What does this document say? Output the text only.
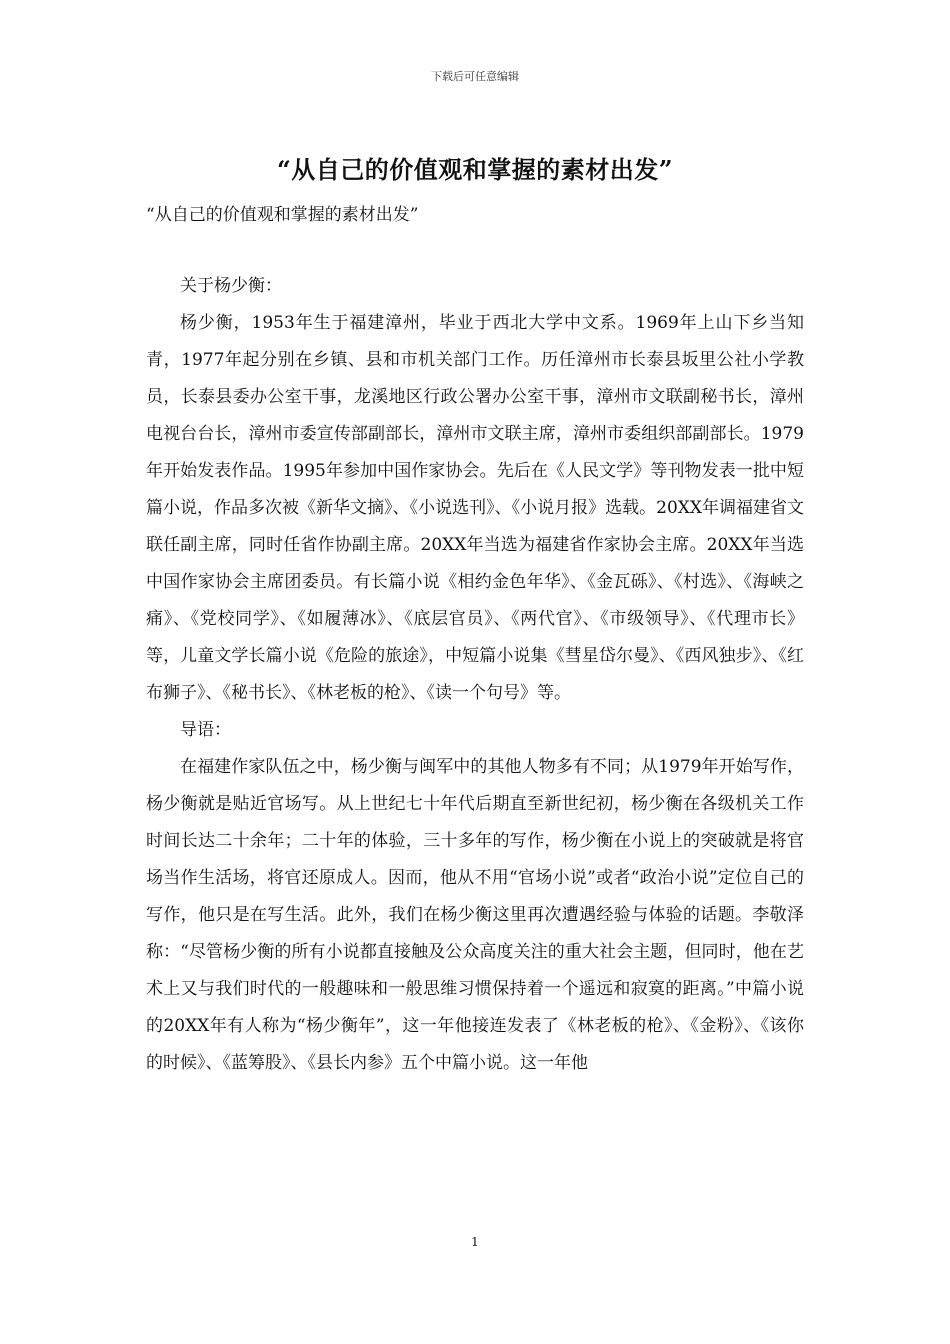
下载后可任意编辑
“从自己的价值观和掌握的素材出发”
“从自己的价值观和掌握的素材出发”

关于杨少衡：

杨少衡，1953年生于福建漳州，毕业于西北大学中文系。1969年上山下乡当知青，1977年起分别在乡镇、县和市机关部门工作。历任漳州市长泰县坂里公社小学教员，长泰县委办公室干事，龙溪地区行政公署办公室干事，漳州市文联副秘书长，漳州电视台台长，漳州市委宣传部副部长，漳州市文联主席，漳州市委组织部副部长。1979年开始发表作品。1995年参加中国作家协会。先后在《人民文学》等刊物发表一批中短篇小说，作品多次被《新华文摘》、《小说选刊》、《小说月报》选载。20XX年调福建省文联任副主席，同时任省作协副主席。20XX年当选为福建省作家协会主席。20XX年当选中国作家协会主席团委员。有长篇小说《相约金色年华》、《金瓦砾》、《村选》、《海峡之痛》、《党校同学》、《如履薄冰》、《底层官员》、《两代官》、《市级领导》、《代理市长》等，儿童文学长篇小说《危险的旅途》，中短篇小说集《彗星岱尔曼》、《西风独步》、《红布狮子》、《秘书长》、《林老板的枪》、《读一个句号》等。

导语：

在福建作家队伍之中，杨少衡与闽军中的其他人物多有不同；从1979年开始写作，杨少衡就是贴近官场写。从上世纪七十年代后期直至新世纪初，杨少衡在各级机关工作时间长达二十余年；二十年的体验，三十多年的写作，杨少衡在小说上的突破就是将官场当作生活场，将官还原成人。因而，他从不用“官场小说”或者“政治小说”定位自己的写作，他只是在写生活。此外，我们在杨少衡这里再次遭遇经验与体验的话题。李敬泽称：“尽管杨少衡的所有小说都直接触及公众高度关注的重大社会主题，但同时，他在艺术上又与我们时代的一般趣味和一般思维习惯保持着一个遥远和寂寞的距离。”中篇小说的20XX年有人称为“杨少衡年”，这一年他接连发表了《林老板的枪》、《金粉》、《该你的时候》、《蓝筹股》、《县长内参》五个中篇小说。这一年他

1
